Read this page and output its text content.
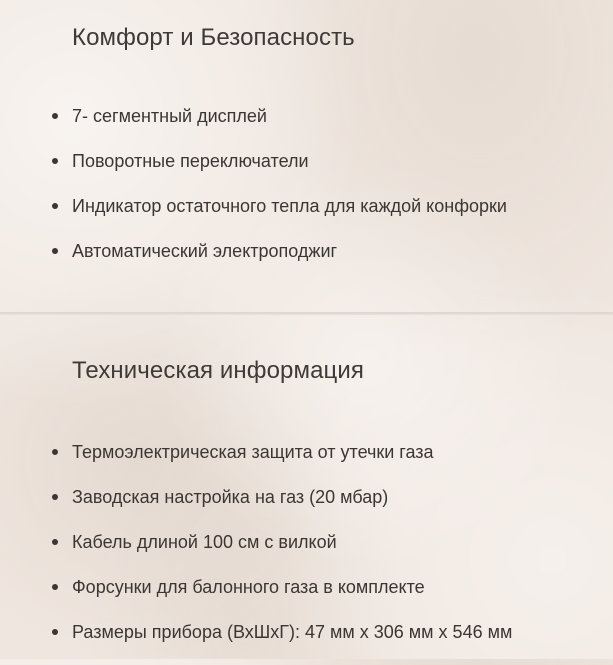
Комфорт и Безопасность
7- сегментный дисплей
Поворотные переключатели
Индикатор остаточного тепла для каждой конфорки
Автоматический электроподжиг
Техническая информация
Термоэлектрическая защита от утечки газа
Заводская настройка на газ (20 мбар)
Кабель длиной 100 см с вилкой
Форсунки для балонного газа в комплекте
Размеры прибора (ВхШхГ): 47 мм x 306 мм x 546 мм
